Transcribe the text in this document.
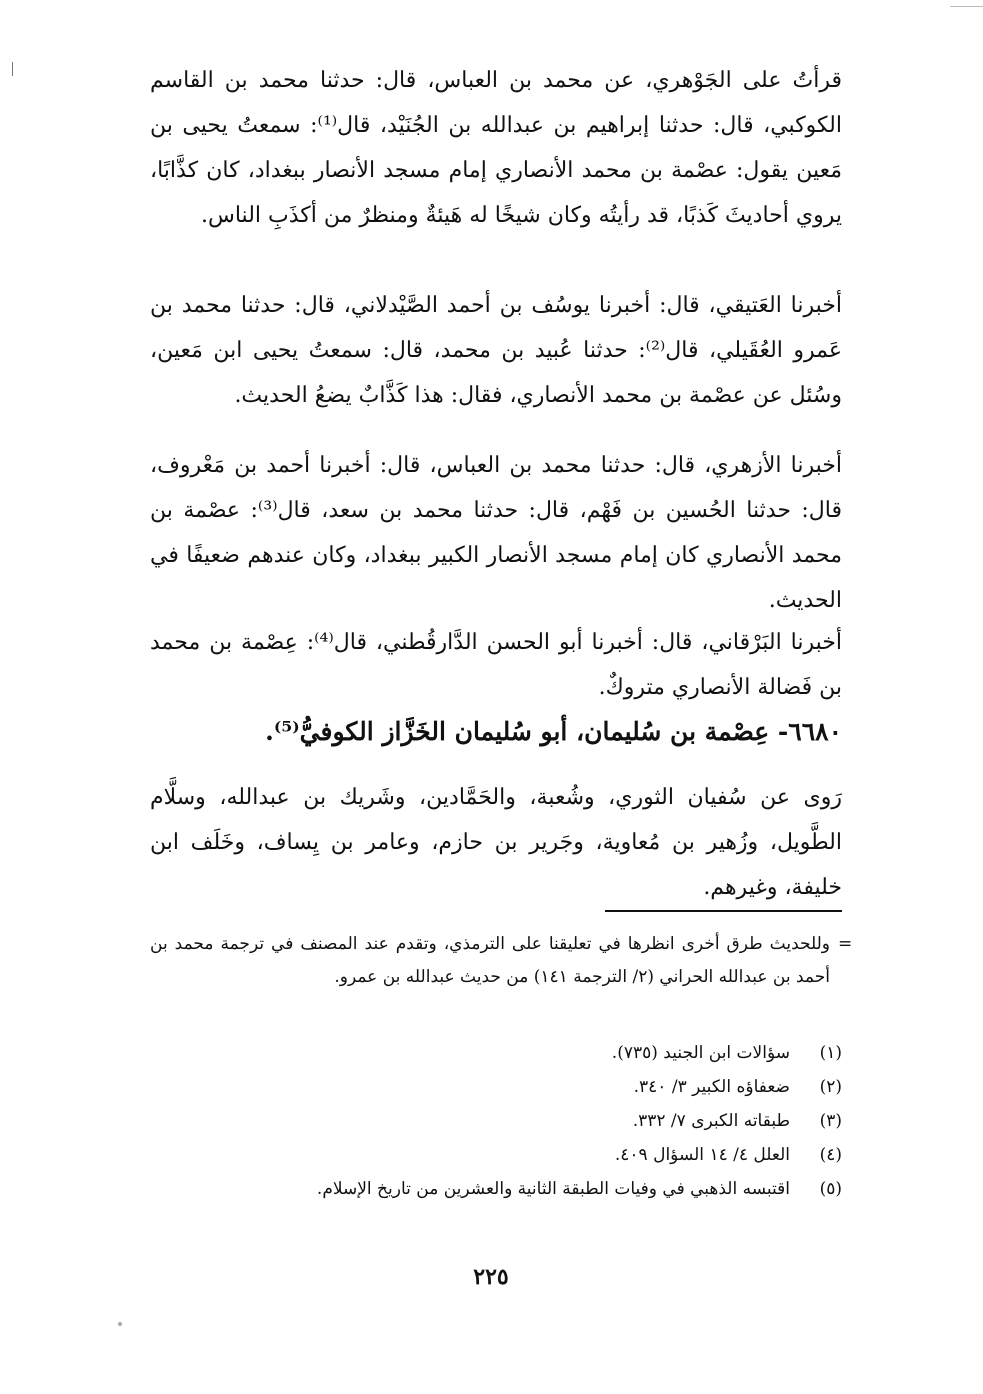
قرأتُ على الجَوْهري، عن محمد بن العباس، قال: حدثنا محمد بن القاسم الكوكبي، قال: حدثنا إبراهيم بن عبدالله بن الجُنَيْد، قال⁽¹⁾: سمعتُ يحيى بن مَعين يقول: عصْمة بن محمد الأنصاري إمام مسجد الأنصار ببغداد، كان كذَّابًا، يروي أحاديثَ كَذبًا، قد رأيتُه وكان شيخًا له هَيئةٌ ومنظرٌ من أكذَبِ الناس.

أخبرنا العَتيقي، قال: أخبرنا يوسُف بن أحمد الصَّيْدلاني، قال: حدثنا محمد بن عَمرو العُقَيلي، قال⁽²⁾: حدثنا عُبيد بن محمد، قال: سمعتُ يحيى ابن مَعين، وسُئل عن عصْمة بن محمد الأنصاري، فقال: هذا كَذَّابٌ يضعُ الحديث.

أخبرنا الأزهري، قال: حدثنا محمد بن العباس، قال: أخبرنا أحمد بن مَعْروف، قال: حدثنا الحُسين بن فَهْم، قال: حدثنا محمد بن سعد، قال⁽³⁾: عصْمة بن محمد الأنصاري كان إمام مسجد الأنصار الكبير ببغداد، وكان عندهم ضعيفًا في الحديث.

أخبرنا البَرْقاني، قال: أخبرنا أبو الحسن الدَّارقُطني، قال⁽⁴⁾: عِصْمة بن محمد بن فَضالة الأنصاري متروكٌ.

٦٦٨٠- عِصْمة بن سُليمان، أبو سُليمان الخَزَّاز الكوفيُّ⁽⁵⁾.

رَوى عن سُفيان الثوري، وشُعبة، والحَمَّادين، وشَريك بن عبدالله، وسلَّام الطَّويل، وزُهير بن مُعاوية، وجَرير بن حازم، وعامر بن يِساف، وخَلَف ابن خليفة، وغيرهم.

=
وللحديث طرق أخرى انظرها في تعليقنا على الترمذي، وتقدم عند المصنف في ترجمة محمد بن أحمد بن عبدالله الحراني (٢/ الترجمة ١٤١) من حديث عبدالله بن عمرو.
(١)
سؤالات ابن الجنيد (٧٣٥).
(٢)
ضعفاؤه الكبير ٣/ ٣٤٠.
(٣)
طبقاته الكبرى ٧/ ٣٣٢.
(٤)
العلل ٤/ ١٤ السؤال ٤٠٩.
(٥)
اقتبسه الذهبي في وفيات الطبقة الثانية والعشرين من تاريخ الإسلام.
٢٢٥
